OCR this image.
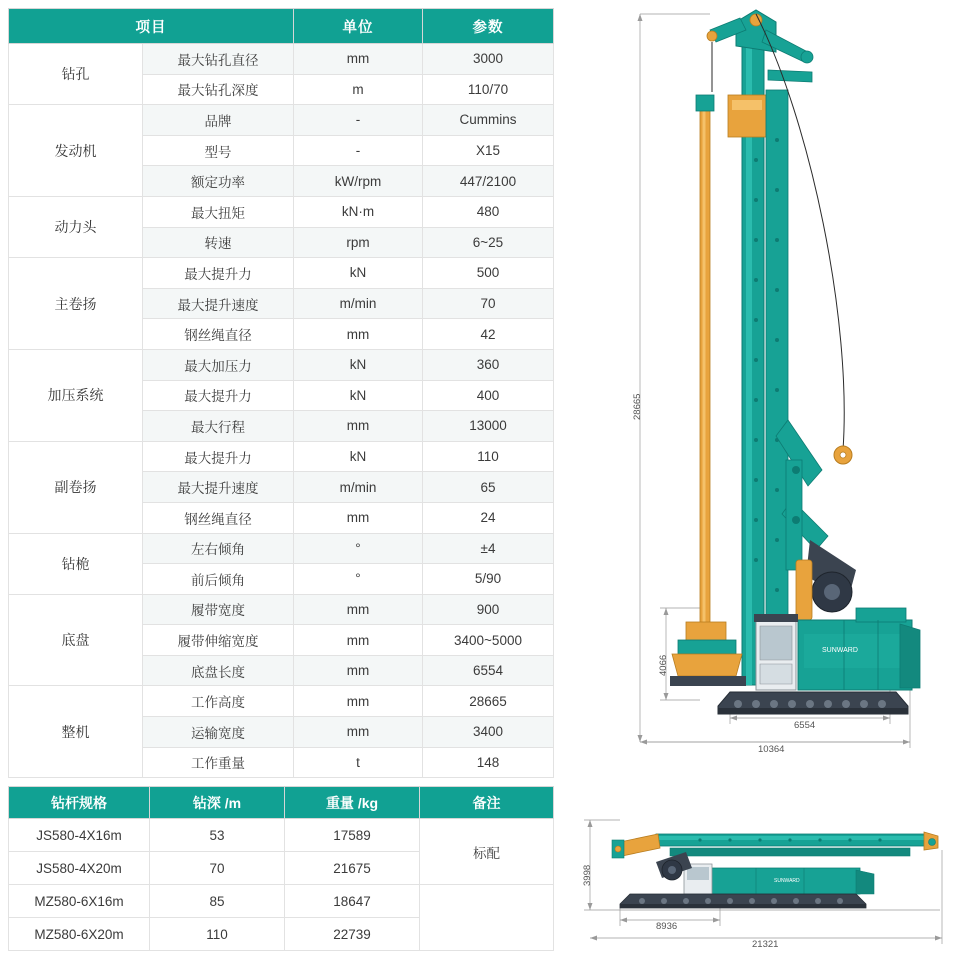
项目		单位	参数
钻孔	最大钻孔直径	mm	3000
	最大钻孔深度	m	110/70
发动机	品牌	-	Cummins
	型号	-	X15
	额定功率	kW/rpm	447/2100
动力头	最大扭矩	kN·m	480
	转速	rpm	6~25
主卷扬	最大提升力	kN	500
	最大提升速度	m/min	70
	钢丝绳直径	mm	42
加压系统	最大加压力	kN	360
	最大提升力	kN	400
	最大行程	mm	13000
副卷扬	最大提升力	kN	110
	最大提升速度	m/min	65
	钢丝绳直径	mm	24
钻桅	左右倾角	°	±4
	前后倾角	°	5/90
底盘	履带宽度	mm	900
	履带伸缩宽度	mm	3400~5000
	底盘长度	mm	6554
整机	工作高度	mm	28665
	运输宽度	mm	3400
	工作重量	t	148
钻杆规格	钻深 /m	重量 /kg	备注
JS580-4X16m	53	17589	标配
JS580-4X20m	70	21675	
MZ580-6X16m	85	18647	
MZ580-6X20m	110	22739	
SUNWARD
28665
4066
6554
10364
SUNWARD
3998
8936
21321
